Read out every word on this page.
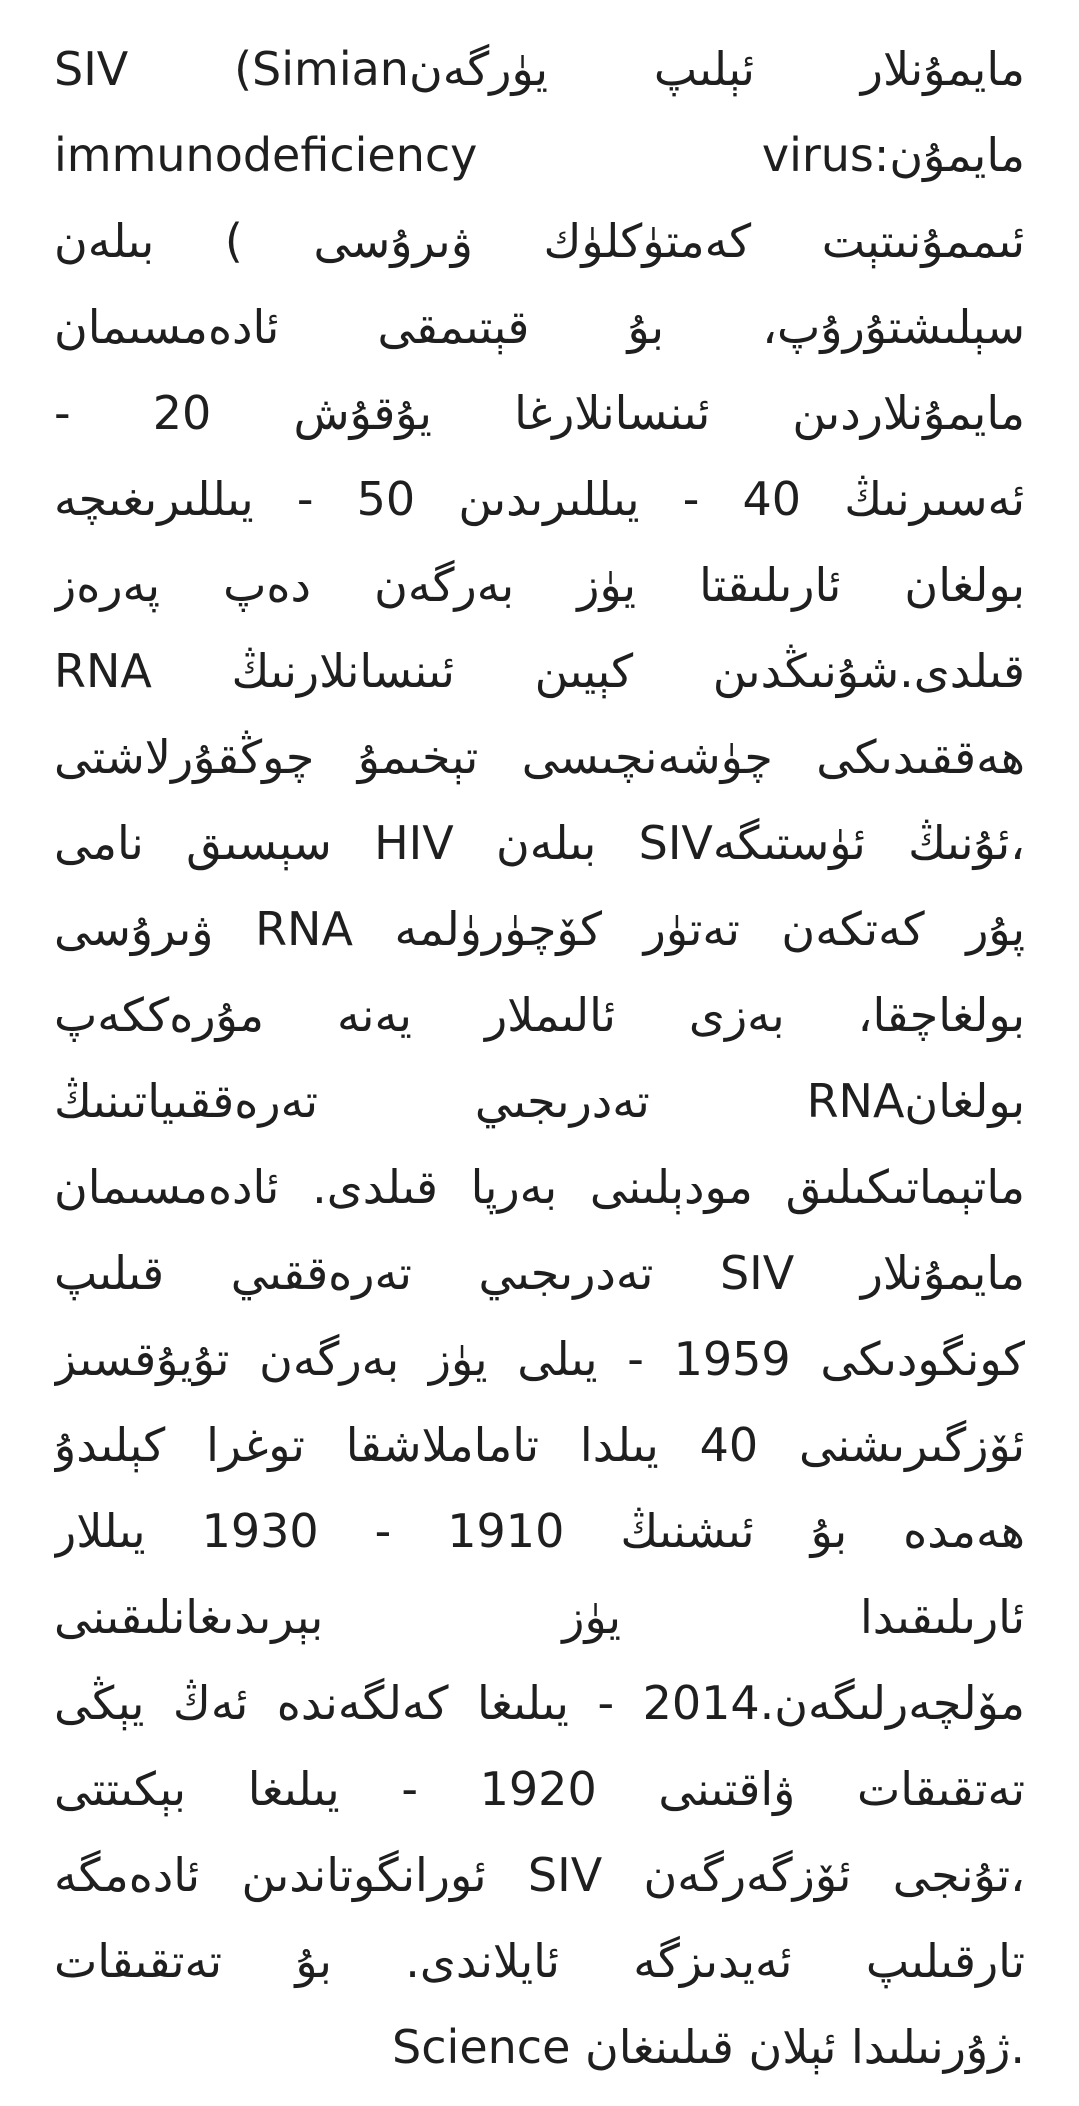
مايمۇنلار ئېلىپ يۈرگەنSIV (Simian
immunodeficiency virus:مايمۇن
ئىممۇنىتېت كەمتۈكلۈك ۋىرۇسى ) بىلەن
سېلىشتۇرۇپ، بۇ قېتىمقى ئادەمسىمان
مايمۇنلاردىن ئىنسانلارغا يۇقۇش 20 -
ئەسىرنىڭ 40 - يىللىرىدىن 50 - يىللىرىغىچە
بولغان ئارىلىقتا يۈز بەرگەن دەپ پەرەز
قىلدى.شۇنىڭدىن كېيىن ئىنسانلارنىڭ RNA
ھەققىدىكى چۈشەنچىسى تېخىمۇ چوڭقۇرلاشتى
،ئۇنىڭ ئۈستىگەSIV بىلەن HIV سېسىق نامى
پۇر كەتكەن تەتۈر كۆچۈرۈلمە RNA ۋىرۇسى
بولغاچقا، بەزى ئالىملار يەنە مۇرەككەپ
بولغانRNA تەدرىجىي تەرەققىياتىنىڭ
ماتېماتىكىلىق مودېلىنى بەرپا قىلدى. ئادەمسىمان
مايمۇنلار SIV تەدرىجىي تەرەققىي قىلىپ
كونگودىكى 1959 - يىلى يۈز بەرگەن تۇيۇقسىز
ئۆزگىرىشنى 40 يىلدا تاماملاشقا توغرا كېلىدۇ
ھەمدە بۇ ئىشنىڭ 1910 - 1930 يىللار
ئارىلىقىدا يۈز بېرىدىغانلىقىنى
مۆلچەرلىگەن.2014 - يىلىغا كەلگەندە ئەڭ يېڭى
تەتقىقات ۋاقتىنى 1920 - يىلىغا بېكىتتى
،تۇنجى ئۆزگەرگەن SIV ئورانگوتاندىن ئادەمگە
تارقىلىپ ئەيدىزگە ئايلاندى. بۇ تەتقىقات
Science ژۇرنىلىدا ئېلان قىلىنغان.
